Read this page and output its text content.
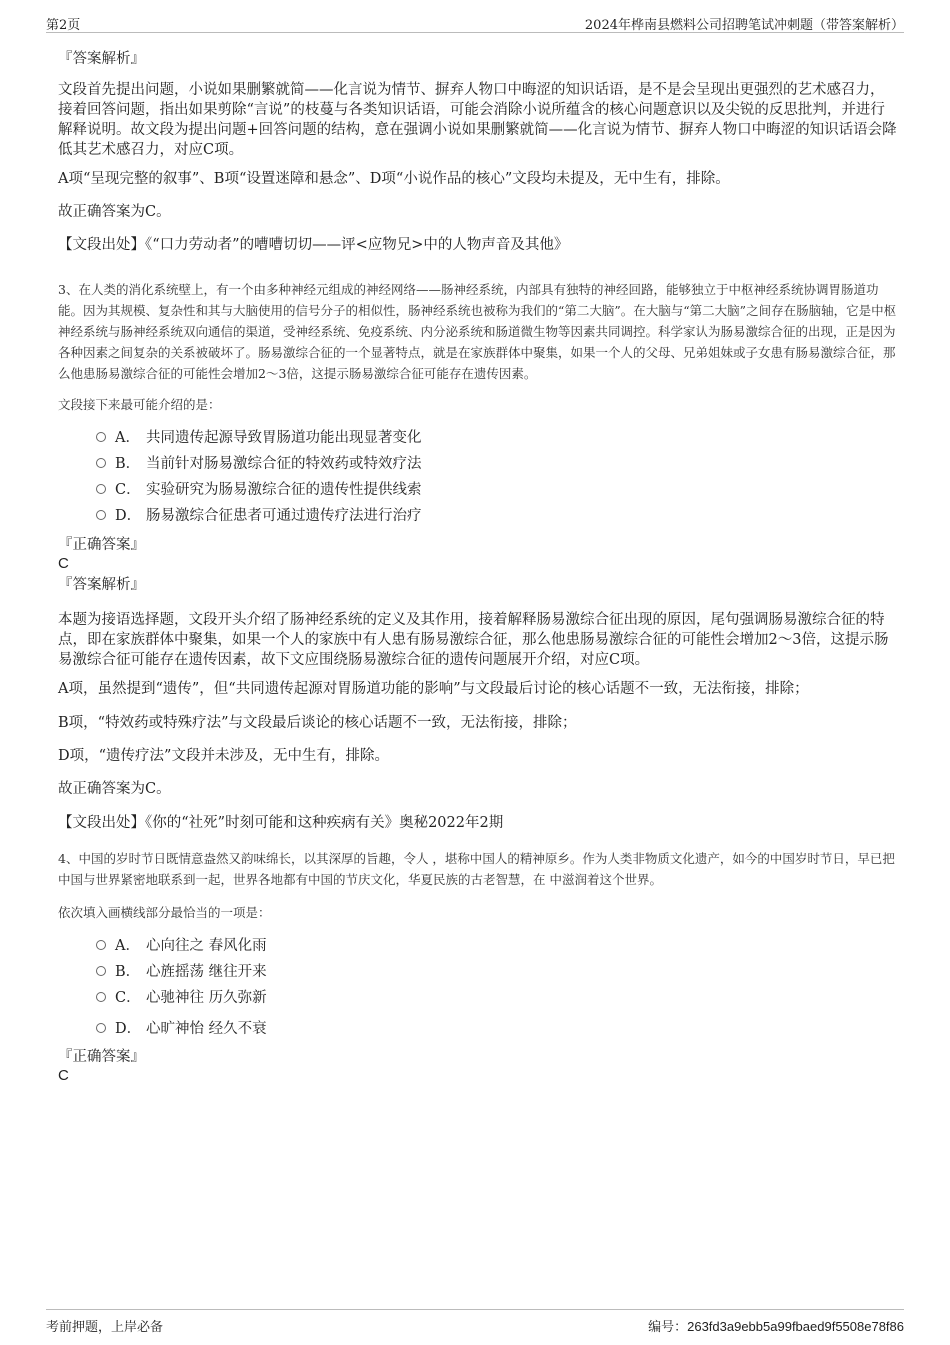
第2页	2024年桦南县燃料公司招聘笔试冲刺题（带答案解析）
『答案解析』

文段首先提出问题，小说如果删繁就简——化言说为情节、摒弃人物口中晦涩的知识话语，是不是会呈现出更强烈的艺术感召力，接着回答问题，指出如果剪除“言说”的枝蔓与各类知识话语，可能会消除小说所蕴含的核心问题意识以及尖锐的反思批判，并进行解释说明。故文段为提出问题+回答问题的结构，意在强调小说如果删繁就简——化言说为情节、摒弃人物口中晦涩的知识话语会降低其艺术感召力，对应C项。

A项“呈现完整的叙事”、B项“设置迷障和悬念”、D项“小说作品的核心”文段均未提及，无中生有，排除。

故正确答案为C。

【文段出处】《“口力劳动者”的嘈嘈切切——评<应物兄>中的人物声音及其他》

3、在人类的消化系统壁上，有一个由多种神经元组成的神经网络——肠神经系统，内部具有独特的神经回路，能够独立于中枢神经系统协调胃肠道功能。因为其规模、复杂性和其与大脑使用的信号分子的相似性，肠神经系统也被称为我们的“第二大脑”。在大脑与“第二大脑”之间存在肠脑轴，它是中枢神经系统与肠神经系统双向通信的渠道，受神经系统、免疫系统、内分泌系统和肠道微生物等因素共同调控。科学家认为肠易激综合征的出现，正是因为各种因素之间复杂的关系被破坏了。肠易激综合征的一个显著特点，就是在家族群体中聚集，如果一个人的父母、兄弟姐妹或子女患有肠易激综合征，那么他患肠易激综合征的可能性会增加2～3倍，这提示肠易激综合征可能存在遗传因素。

文段接下来最可能介绍的是：

A． 共同遗传起源导致胃肠道功能出现显著变化
B． 当前针对肠易激综合征的特效药或特效疗法
C． 实验研究为肠易激综合征的遗传性提供线索
D． 肠易激综合征患者可通过遗传疗法进行治疗
『正确答案』
C
『答案解析』

本题为接语选择题，文段开头介绍了肠神经系统的定义及其作用，接着解释肠易激综合征出现的原因，尾句强调肠易激综合征的特点，即在家族群体中聚集，如果一个人的家族中有人患有肠易激综合征，那么他患肠易激综合征的可能性会增加2～3倍，这提示肠易激综合征可能存在遗传因素，故下文应围绕肠易激综合征的遗传问题展开介绍，对应C项。

A项，虽然提到“遗传”，但“共同遗传起源对胃肠道功能的影响”与文段最后讨论的核心话题不一致，无法衔接，排除；

B项，“特效药或特殊疗法”与文段最后谈论的核心话题不一致，无法衔接，排除；

D项，“遗传疗法”文段并未涉及，无中生有，排除。

故正确答案为C。

【文段出处】《你的“社死”时刻可能和这种疾病有关》奥秘2022年2期

4、中国的岁时节日既情意盎然又韵味绵长，以其深厚的旨趣，令人 ，堪称中国人的精神原乡。作为人类非物质文化遗产，如今的中国岁时节日，早已把中国与世界紧密地联系到一起，世界各地都有中国的节庆文化，华夏民族的古老智慧，在 中滋润着这个世界。

依次填入画横线部分最恰当的一项是：

A． 心向往之 春风化雨
B． 心旌摇荡 继往开来
C． 心驰神往 历久弥新
D． 心旷神怡 经久不衰
『正确答案』
C
考前押题，上岸必备	编号：263fd3a9ebb5a99fbaed9f5508e78f86
